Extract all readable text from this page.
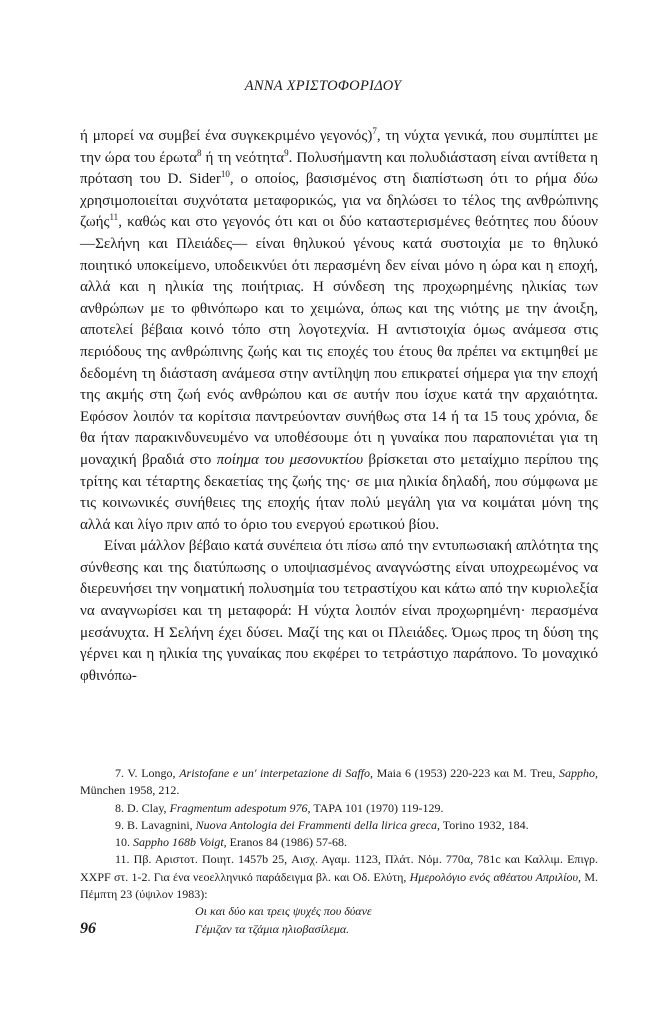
ΑΝΝΑ ΧΡΙΣΤΟΦΟΡΙΔΟΥ

ή μπορεί να συμβεί ένα συγκεκριμένο γεγονός)$^7$, τη νύχτα γενικά, που συμπίπτει με την ώρα του έρωτα$^8$ ή τη νεότητα$^9$. Πολυσήμαντη και πολυδιάσταση είναι αντίθετα η πρόταση του D. Sider$^{10}$, ο οποίος, βασισμένος στη διαπίστωση ότι το ρήμα δύω χρησιμοποιείται συχνότατα μεταφορικώς, για να δηλώσει το τέλος της ανθρώπινης ζωής$^{11}$, καθώς και στο γεγονός ότι και οι δύο καταστερισμένες θεότητες που δύουν —Σελήνη και Πλειάδες— είναι θηλυκού γένους κατά συστοιχία με το θηλυκό ποιητικό υποκείμενο, υποδεικνύει ότι περασμένη δεν είναι μόνο η ώρα και η εποχή, αλλά και η ηλικία της ποιήτριας. Η σύνδεση της προχωρημένης ηλικίας των ανθρώπων με το φθινόπωρο και το χειμώνα, όπως και της νιότης με την άνοιξη, αποτελεί βέβαια κοινό τόπο στη λογοτεχνία. Η αντιστοιχία όμως ανάμεσα στις περιόδους της ανθρώπινης ζωής και τις εποχές του έτους θα πρέπει να εκτιμηθεί με δεδομένη τη διάσταση ανάμεσα στην αντίληψη που επικρατεί σήμερα για την εποχή της ακμής στη ζωή ενός ανθρώπου και σε αυτήν που ίσχυε κατά την αρχαιότητα. Εφόσον λοιπόν τα κορίτσια παντρεύονταν συνήθως στα 14 ή τα 15 τους χρόνια, δε θα ήταν παρακινδυνευμένο να υποθέσουμε ότι η γυναίκα που παραπονιέται για τη μοναχική βραδιά στο ποίημα του μεσονυκτίου βρίσκεται στο μεταίχμιο περίπου της τρίτης και τέταρτης δεκαετίας της ζωής της· σε μια ηλικία δηλαδή, που σύμφωνα με τις κοινωνικές συνήθειες της εποχής ήταν πολύ μεγάλη για να κοιμάται μόνη της αλλά και λίγο πριν από το όριο του ενεργού ερωτικού βίου.

Είναι μάλλον βέβαιο κατά συνέπεια ότι πίσω από την εντυπωσιακή απλότητα της σύνθεσης και της διατύπωσης ο υποψιασμένος αναγνώστης είναι υποχρεωμένος να διερευνήσει την νοηματική πολυσημία του τετραστίχου και κάτω από την κυριολεξία να αναγνωρίσει και τη μεταφορά: Η νύχτα λοιπόν είναι προχωρημένη· περασμένα μεσάνυχτα. Η Σελήνη έχει δύσει. Μαζί της και οι Πλειάδες. Όμως προς τη δύση της γέρνει και η ηλικία της γυναίκας που εκφέρει το τετράστιχο παράπονο. Το μοναχικό φθινόπω-

7. V. Longo, Aristofane e un' interpetazione di Saffo, Maia 6 (1953) 220-223 και M. Treu, Sappho, München 1958, 212.
8. D. Clay, Fragmentum adespotum 976, TAPA 101 (1970) 119-129.
9. B. Lavagnini, Nuova Antologia dei Frammenti della lirica greca, Torino 1932, 184.
10. Sappho 168b Voigt, Eranos 84 (1986) 57-68.
11. Πβ. Αριστοτ. Ποιητ. 1457b 25, Αισχ. Αγαμ. 1123, Πλάτ. Νόμ. 770α, 781c και Καλλιμ. Επιγρ. XXPF στ. 1-2. Για ένα νεοελληνικό παράδειγμα βλ. και Οδ. Ελύτη, Ημερολόγιο ενός αθέατου Απριλίου, Μ. Πέμπτη 23 (ύψιλον 1983):
Οι και δύο και τρεις ψυχές που δύανε
Γέμιζαν τα τζάμια ηλιοβασίλεμα.
96
